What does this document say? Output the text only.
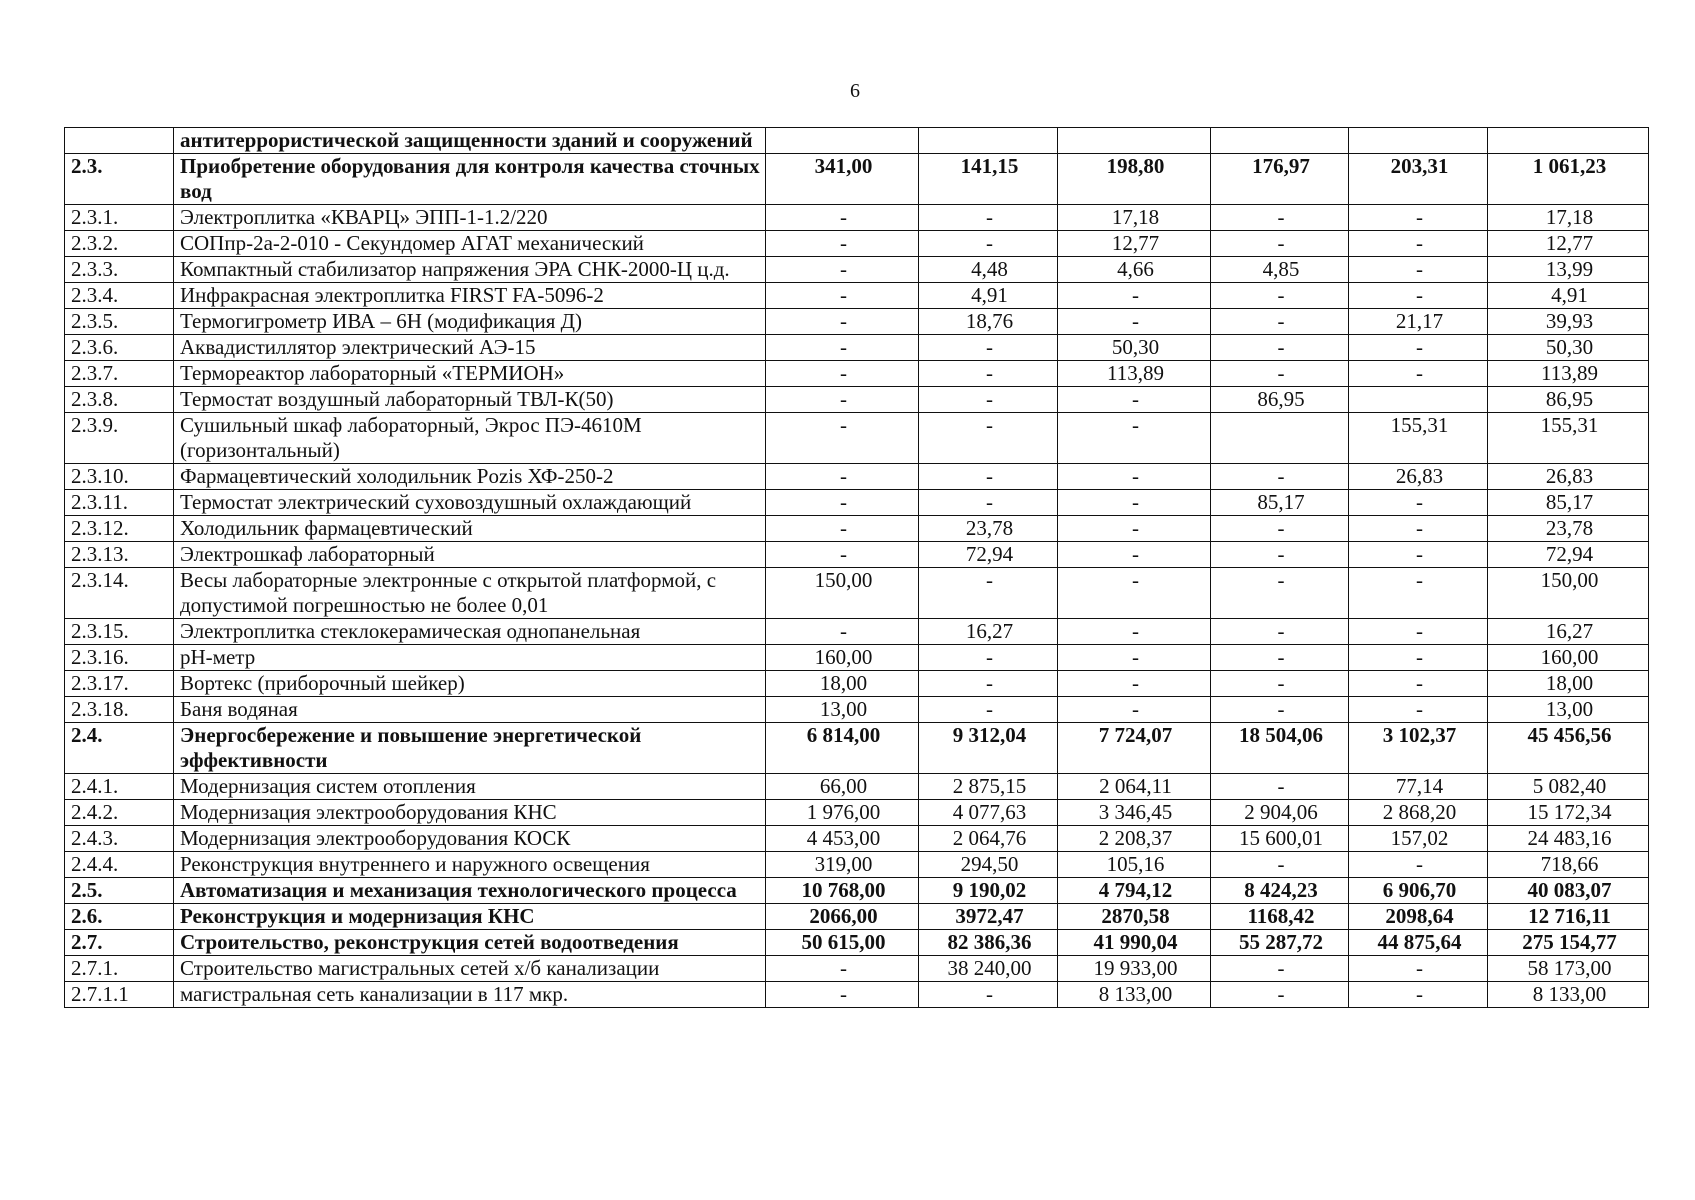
6
	антитеррористической защищенности зданий и сооружений						
2.3.	Приобретение оборудования для контроля качества сточных вод	341,00	141,15	198,80	176,97	203,31	1 061,23
2.3.1.	Электроплитка «КВАРЦ» ЭПП-1-1.2/220	-	-	17,18	-	-	17,18
2.3.2.	СОПпр-2а-2-010 - Секундомер АГАТ механический	-	-	12,77	-	-	12,77
2.3.3.	Компактный стабилизатор напряжения ЭРА СНК-2000-Ц ц.д.	-	4,48	4,66	4,85	-	13,99
2.3.4.	Инфракрасная электроплитка FIRST FA-5096-2	-	4,91	-	-	-	4,91
2.3.5.	Термогигрометр ИВА – 6Н (модификация Д)	-	18,76	-	-	21,17	39,93
2.3.6.	Аквадистиллятор электрический АЭ-15	-	-	50,30	-	-	50,30
2.3.7.	Термореактор лабораторный «ТЕРМИОН»	-	-	113,89	-	-	113,89
2.3.8.	Термостат воздушный лабораторный ТВЛ-К(50)	-	-	-	86,95		86,95
2.3.9.	Сушильный шкаф лабораторный, Экрос ПЭ-4610М (горизонтальный)	-	-	-		155,31	155,31
2.3.10.	Фармацевтический холодильник Pozis ХФ-250-2	-	-	-	-	26,83	26,83
2.3.11.	Термостат электрический суховоздушный охлаждающий	-	-	-	85,17	-	85,17
2.3.12.	Холодильник фармацевтический	-	23,78	-	-	-	23,78
2.3.13.	Электрошкаф лабораторный	-	72,94	-	-	-	72,94
2.3.14.	Весы лабораторные электронные с открытой платформой, с допустимой погрешностью не более 0,01	150,00	-	-	-	-	150,00
2.3.15.	Электроплитка стеклокерамическая однопанельная	-	16,27	-	-	-	16,27
2.3.16.	pH-метр	160,00	-	-	-	-	160,00
2.3.17.	Вортекс (приборочный шейкер)	18,00	-	-	-	-	18,00
2.3.18.	Баня водяная	13,00	-	-	-	-	13,00
2.4.	Энергосбережение и повышение энергетической эффективности	6 814,00	9 312,04	7 724,07	18 504,06	3 102,37	45 456,56
2.4.1.	Модернизация систем отопления	66,00	2 875,15	2 064,11	-	77,14	5 082,40
2.4.2.	Модернизация электрооборудования КНС	1 976,00	4 077,63	3 346,45	2 904,06	2 868,20	15 172,34
2.4.3.	Модернизация электрооборудования КОСК	4 453,00	2 064,76	2 208,37	15 600,01	157,02	24 483,16
2.4.4.	Реконструкция внутреннего и наружного освещения	319,00	294,50	105,16	-	-	718,66
2.5.	Автоматизация и механизация технологического процесса	10 768,00	9 190,02	4 794,12	8 424,23	6 906,70	40 083,07
2.6.	Реконструкция и модернизация КНС	2066,00	3972,47	2870,58	1168,42	2098,64	12 716,11
2.7.	Строительство, реконструкция сетей водоотведения	50 615,00	82 386,36	41 990,04	55 287,72	44 875,64	275 154,77
2.7.1.	Строительство магистральных сетей х/б канализации	-	38 240,00	19 933,00	-	-	58 173,00
2.7.1.1	магистральная сеть канализации в 117 мкр.	-	-	8 133,00	-	-	8 133,00
